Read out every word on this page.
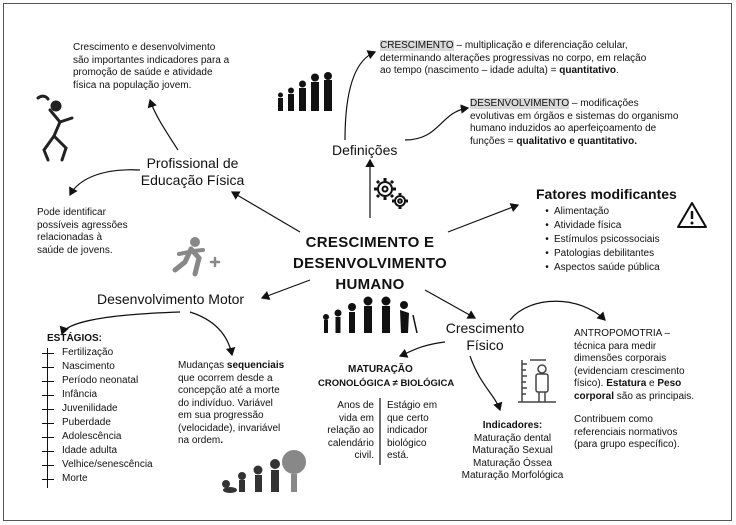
CRESCIMENTO E
DESENVOLVIMENTO
HUMANO
Definições
CRESCIMENTO – multiplicação e diferenciação celular,
determinando alterações progressivas no corpo, em relação
ao tempo (nascimento – idade adulta) = quantitativo.
DESENVOLVIMENTO – modificações
evolutivas em órgãos e sistemas do organismo
humano induzidos ao aperfeiçoamento de
funções = qualitativo e quantitativo.
Profissional de
Educação Física
Crescimento e desenvolvimento
são importantes indicadores para a
promoção de saúde e atividade
física na população jovem.
Pode identificar
possíveis agressões
relacionadas à
saúde de jovens.
Fatores modificantes
• Alimentação
• Atividade física
• Estímulos psicossociais
• Patologias debilitantes
• Aspectos saúde pública
Desenvolvimento Motor
ESTÁGIOS:
Fertilização
Nascimento
Período neonatal
Infância
Juvenilidade
Puberdade
Adolescência
Idade adulta
Velhice/senescência
Morte
Mudanças sequenciais
que ocorrem desde a
concepção até a morte
do indivíduo. Variável
em sua progressão
(velocidade), invariável
na ordem.
Crescimento
Físico
MATURAÇÃO
CRONOLÓGICA ≠ BIOLÓGICA
Anos de
vida em
relação ao
calendário
civil.
Estágio em
que certo
indicador
biológico
está.
Indicadores:
Maturação dental
Maturação Sexual
Maturação Óssea
Maturação Morfológica
ANTROPOMOTRIA –
técnica para medir
dimensões corporais
(evidenciam crescimento
físico). Estatura e Peso
corporal são as principais.
Contribuem como
referenciais normativos
(para grupo específico).
